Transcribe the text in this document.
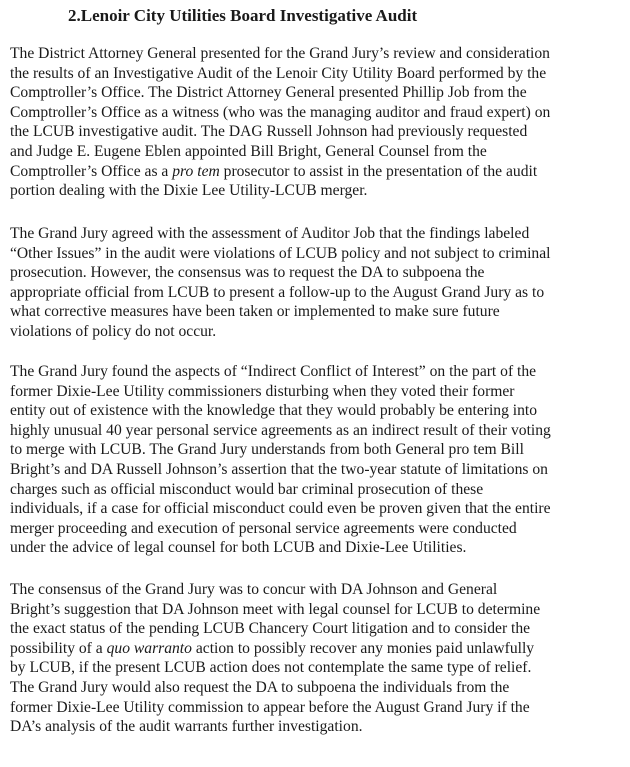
2.Lenoir City Utilities Board Investigative Audit
The District Attorney General presented for the Grand Jury’s review and consideration
the results of an Investigative Audit of the Lenoir City Utility Board performed by the
Comptroller’s Office. The District Attorney General presented Phillip Job from the
Comptroller’s Office as a witness (who was the managing auditor and fraud expert) on
the LCUB investigative audit. The DAG Russell Johnson had previously requested
and Judge E. Eugene Eblen appointed Bill Bright, General Counsel from the
Comptroller’s Office as a pro tem prosecutor to assist in the presentation of the audit
portion dealing with the Dixie Lee Utility-LCUB merger.
The Grand Jury agreed with the assessment of Auditor Job that the findings labeled
“Other Issues” in the audit were violations of LCUB policy and not subject to criminal
prosecution. However, the consensus was to request the DA to subpoena the
appropriate official from LCUB to present a follow-up to the August Grand Jury as to
what corrective measures have been taken or implemented to make sure future
violations of policy do not occur.
The Grand Jury found the aspects of “Indirect Conflict of Interest” on the part of the
former Dixie-Lee Utility commissioners disturbing when they voted their former
entity out of existence with the knowledge that they would probably be entering into
highly unusual 40 year personal service agreements as an indirect result of their voting
to merge with LCUB. The Grand Jury understands from both General pro tem Bill
Bright’s and DA Russell Johnson’s assertion that the two-year statute of limitations on
charges such as official misconduct would bar criminal prosecution of these
individuals, if a case for official misconduct could even be proven given that the entire
merger proceeding and execution of personal service agreements were conducted
under the advice of legal counsel for both LCUB and Dixie-Lee Utilities.
The consensus of the Grand Jury was to concur with DA Johnson and General
Bright’s suggestion that DA Johnson meet with legal counsel for LCUB to determine
the exact status of the pending LCUB Chancery Court litigation and to consider the
possibility of a quo warranto action to possibly recover any monies paid unlawfully
by LCUB, if the present LCUB action does not contemplate the same type of relief.
The Grand Jury would also request the DA to subpoena the individuals from the
former Dixie-Lee Utility commission to appear before the August Grand Jury if the
DA’s analysis of the audit warrants further investigation.
